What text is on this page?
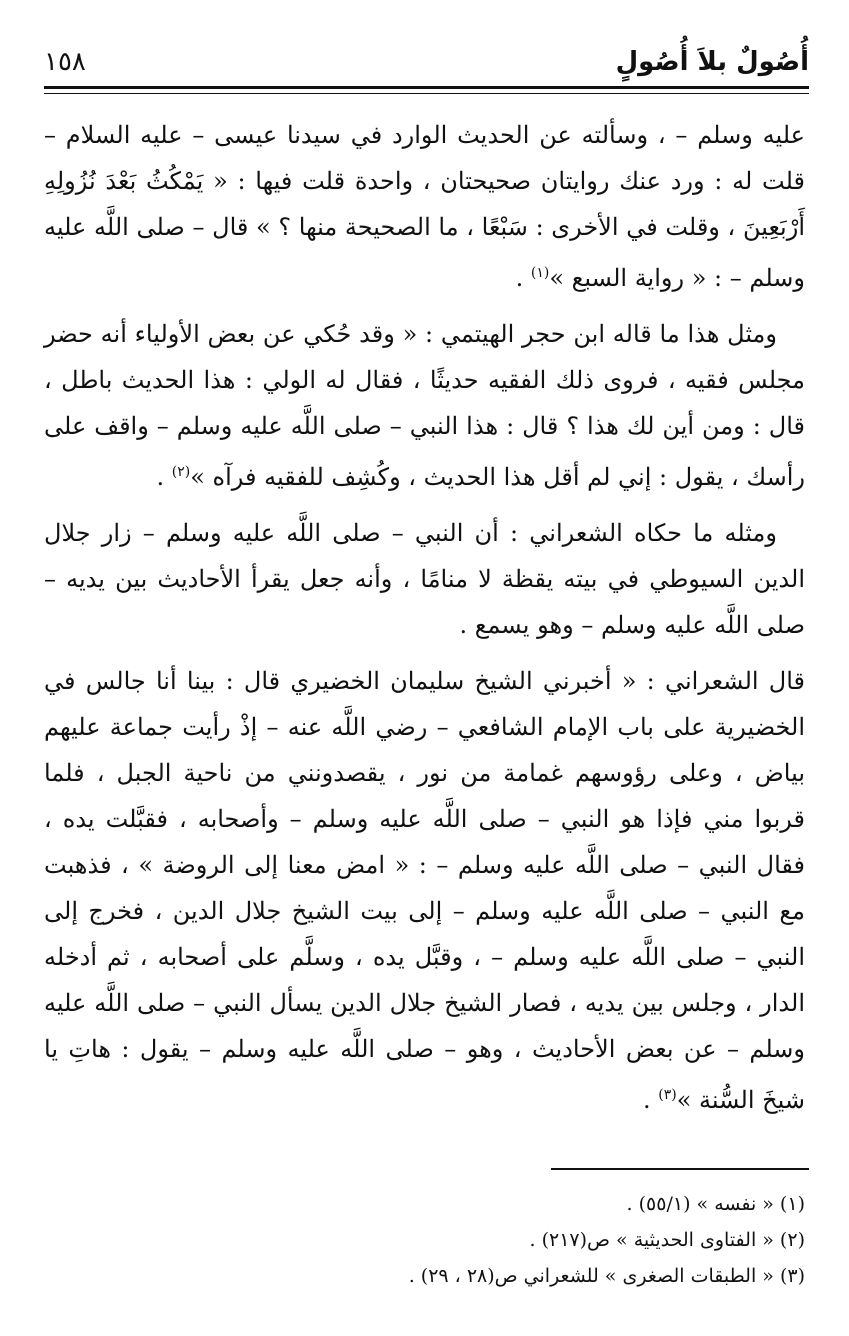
أُصُولٌ بلاَ أُصُولٍ
١٥٨

عليه وسلم – ، وسألته عن الحديث الوارد في سيدنا عيسى – عليه السلام – قلت له : ورد عنك روايتان صحيحتان ، واحدة قلت فيها : « يَمْكُثُ بَعْدَ نُزُولِهِ أَرْبَعِينَ ، وقلت في الأخرى : سَبْعًا ، ما الصحيحة منها ؟ » قال – صلى اللَّه عليه وسلم – : « رواية السبع »$^{(١)}$ .

ومثل هذا ما قاله ابن حجر الهيتمي : « وقد حُكي عن بعض الأولياء أنه حضر مجلس فقيه ، فروى ذلك الفقيه حديثًا ، فقال له الولي : هذا الحديث باطل ، قال : ومن أين لك هذا ؟ قال : هذا النبي – صلى اللَّه عليه وسلم – واقف على رأسك ، يقول : إني لم أقل هذا الحديث ، وكُشِف للفقيه فرآه »$^{(٢)}$ .

ومثله ما حكاه الشعراني : أن النبي – صلى اللَّه عليه وسلم – زار جلال الدين السيوطي في بيته يقظة لا منامًا ، وأنه جعل يقرأ الأحاديث بين يديه – صلى اللَّه عليه وسلم – وهو يسمع .

قال الشعراني : « أخبرني الشيخ سليمان الخضيري قال : بينا أنا جالس في الخضيرية على باب الإمام الشافعي – رضي اللَّه عنه – إذْ رأيت جماعة عليهم بياض ، وعلى رؤوسهم غمامة من نور ، يقصدونني من ناحية الجبل ، فلما قربوا مني فإذا هو النبي – صلى اللَّه عليه وسلم – وأصحابه ، فقبَّلت يده ، فقال النبي – صلى اللَّه عليه وسلم – : « امض معنا إلى الروضة » ، فذهبت مع النبي – صلى اللَّه عليه وسلم – إلى بيت الشيخ جلال الدين ، فخرج إلى النبي – صلى اللَّه عليه وسلم – ، وقبَّل يده ، وسلَّم على أصحابه ، ثم أدخله الدار ، وجلس بين يديه ، فصار الشيخ جلال الدين يسأل النبي – صلى اللَّه عليه وسلم – عن بعض الأحاديث ، وهو – صلى اللَّه عليه وسلم – يقول : هاتِ يا شيخَ السُّنة »$^{(٣)}$ .

(١) « نفسه » (٥٥/١) .
(٢) « الفتاوى الحديثية » ص(٢١٧) .
(٣) « الطبقات الصغرى » للشعراني ص(٢٨ ، ٢٩) .
